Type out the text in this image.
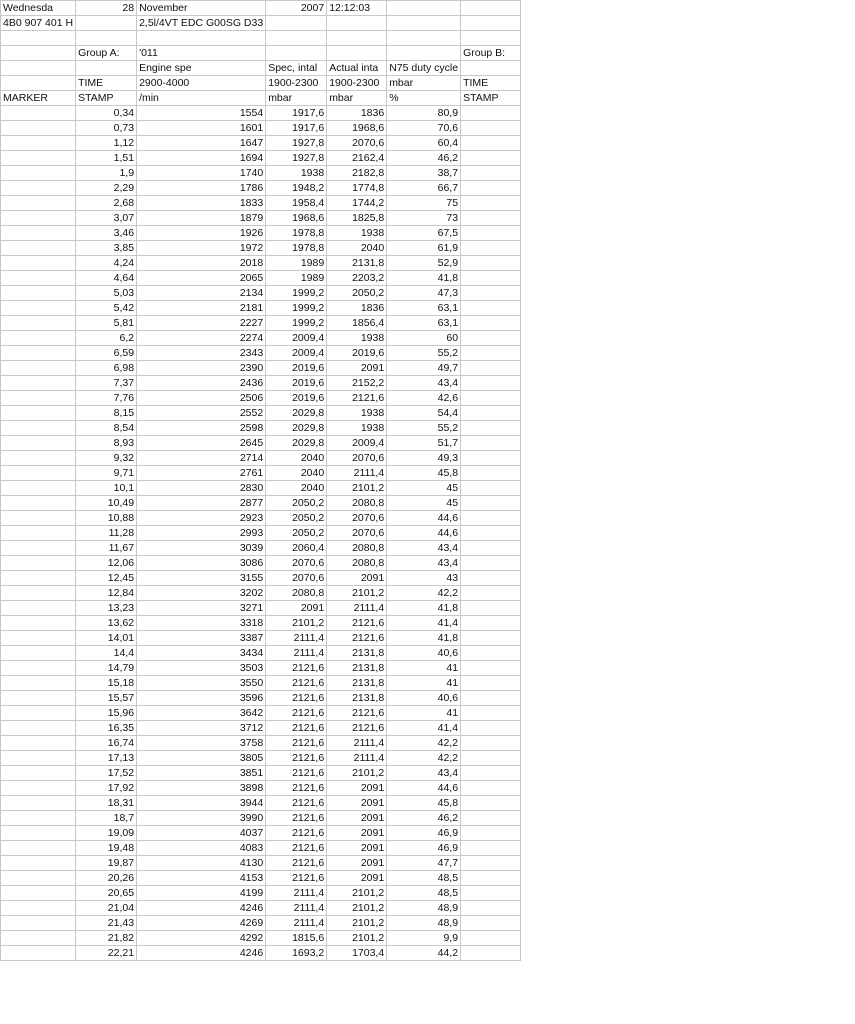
Wednesda	28	November	2007	12:12:03		
4B0 907 401 H		2,5l/4VT EDC G00SG D33				

	Group A:	'011				Group B:
		Engine spe	Spec, intal	Actual inta	N75 duty cycle	
	TIME	2900-4000	1900-2300	1900-2300	mbar	TIME
MARKER	STAMP	/min	mbar	mbar	%	STAMP
	0,34	1554	1917,6	1836	80,9	
	0,73	1601	1917,6	1968,6	70,6	
	1,12	1647	1927,8	2070,6	60,4	
	1,51	1694	1927,8	2162,4	46,2	
	1,9	1740	1938	2182,8	38,7	
	2,29	1786	1948,2	1774,8	66,7	
	2,68	1833	1958,4	1744,2	75	
	3,07	1879	1968,6	1825,8	73	
	3,46	1926	1978,8	1938	67,5	
	3,85	1972	1978,8	2040	61,9	
	4,24	2018	1989	2131,8	52,9	
	4,64	2065	1989	2203,2	41,8	
	5,03	2134	1999,2	2050,2	47,3	
	5,42	2181	1999,2	1836	63,1	
	5,81	2227	1999,2	1856,4	63,1	
	6,2	2274	2009,4	1938	60	
	6,59	2343	2009,4	2019,6	55,2	
	6,98	2390	2019,6	2091	49,7	
	7,37	2436	2019,6	2152,2	43,4	
	7,76	2506	2019,6	2121,6	42,6	
	8,15	2552	2029,8	1938	54,4	
	8,54	2598	2029,8	1938	55,2	
	8,93	2645	2029,8	2009,4	51,7	
	9,32	2714	2040	2070,6	49,3	
	9,71	2761	2040	2111,4	45,8	
	10,1	2830	2040	2101,2	45	
	10,49	2877	2050,2	2080,8	45	
	10,88	2923	2050,2	2070,6	44,6	
	11,28	2993	2050,2	2070,6	44,6	
	11,67	3039	2060,4	2080,8	43,4	
	12,06	3086	2070,6	2080,8	43,4	
	12,45	3155	2070,6	2091	43	
	12,84	3202	2080,8	2101,2	42,2	
	13,23	3271	2091	2111,4	41,8	
	13,62	3318	2101,2	2121,6	41,4	
	14,01	3387	2111,4	2121,6	41,8	
	14,4	3434	2111,4	2131,8	40,6	
	14,79	3503	2121,6	2131,8	41	
	15,18	3550	2121,6	2131,8	41	
	15,57	3596	2121,6	2131,8	40,6	
	15,96	3642	2121,6	2121,6	41	
	16,35	3712	2121,6	2121,6	41,4	
	16,74	3758	2121,6	2111,4	42,2	
	17,13	3805	2121,6	2111,4	42,2	
	17,52	3851	2121,6	2101,2	43,4	
	17,92	3898	2121,6	2091	44,6	
	18,31	3944	2121,6	2091	45,8	
	18,7	3990	2121,6	2091	46,2	
	19,09	4037	2121,6	2091	46,9	
	19,48	4083	2121,6	2091	46,9	
	19,87	4130	2121,6	2091	47,7	
	20,26	4153	2121,6	2091	48,5	
	20,65	4199	2111,4	2101,2	48,5	
	21,04	4246	2111,4	2101,2	48,9	
	21,43	4269	2111,4	2101,2	48,9	
	21,82	4292	1815,6	2101,2	9,9	
	22,21	4246	1693,2	1703,4	44,2	
